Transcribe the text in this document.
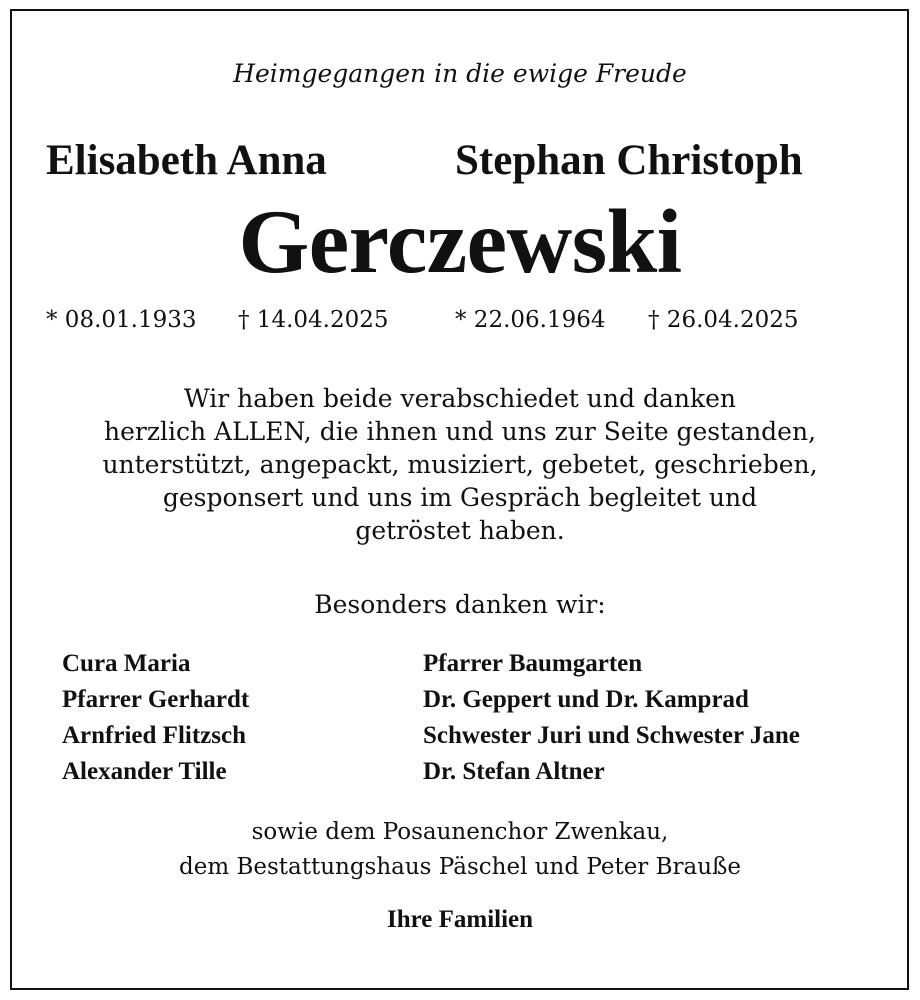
Heimgegangen in die ewige Freude
Elisabeth Anna	Stephan Christoph
Gerczewski
* 08.01.1933 † 14.04.2025	* 22.06.1964 † 26.04.2025
Wir haben beide verabschiedet und danken
herzlich ALLEN, die ihnen und uns zur Seite gestanden,
unterstützt, angepackt, musiziert, gebetet, geschrieben,
gesponsert und uns im Gespräch begleitet und
getröstet haben.
Besonders danken wir:
Cura Maria
Pfarrer Gerhardt
Arnfried Flitzsch
Alexander Tille
Pfarrer Baumgarten
Dr. Geppert und Dr. Kamprad
Schwester Juri und Schwester Jane
Dr. Stefan Altner
sowie dem Posaunenchor Zwenkau,
dem Bestattungshaus Päschel und Peter Brauße
Ihre Familien
